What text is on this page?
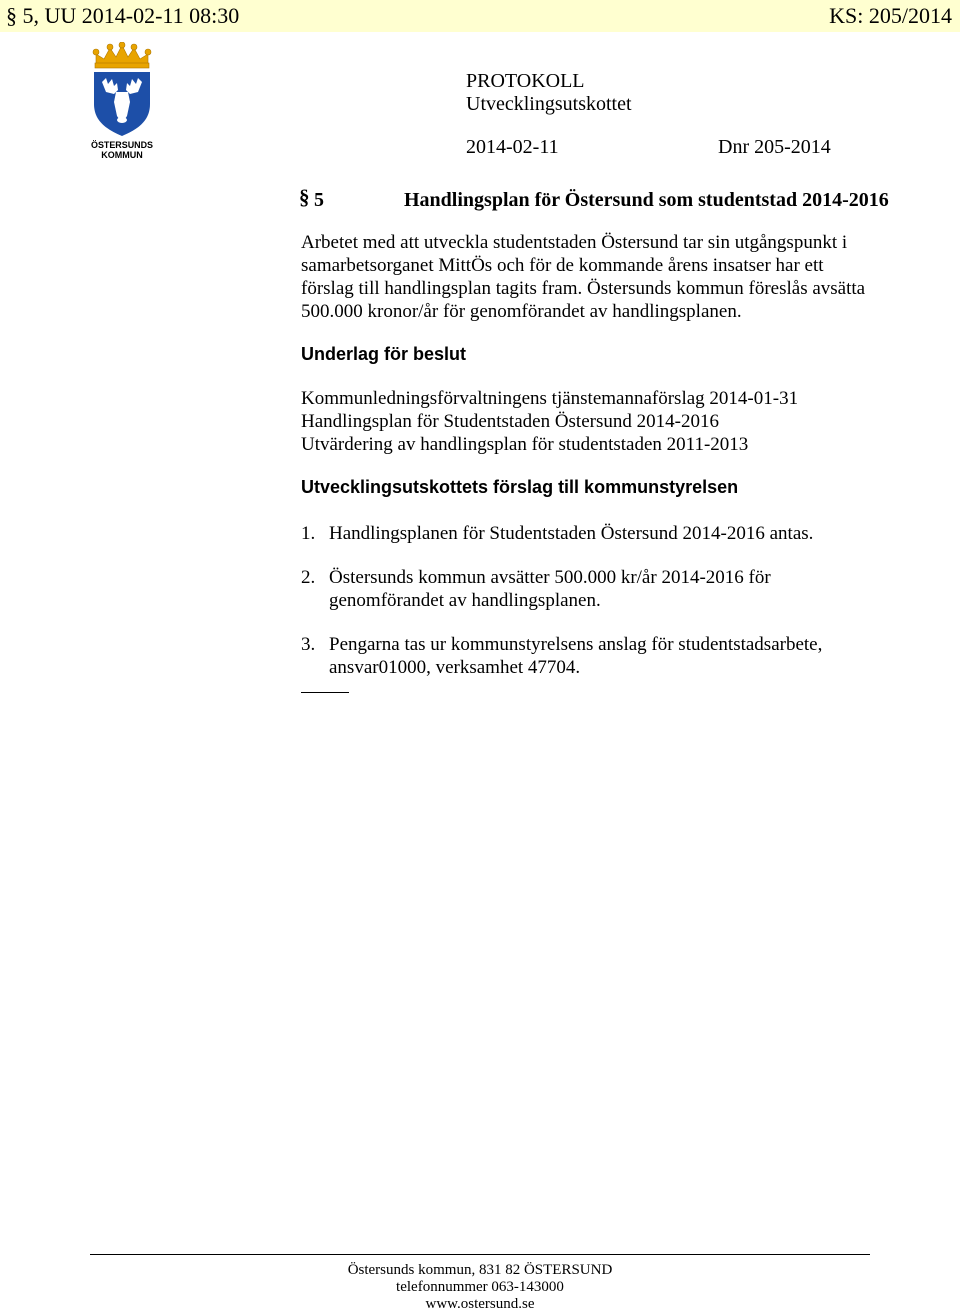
§ 5, UU 2014-02-11 08:30	KS: 205/2014
ÖSTERSUNDS
KOMMUN
PROTOKOLL
Utvecklingsutskottet
2014-02-11	Dnr 205-2014
§ 5	Handlingsplan för Östersund som studentstad 2014-2016
Arbetet med att utveckla studentstaden Östersund tar sin utgångspunkt i
samarbetsorganet MittÖs och för de kommande årens insatser har ett
förslag till handlingsplan tagits fram. Östersunds kommun föreslås avsätta
500.000 kronor/år för genomförandet av handlingsplanen.
Underlag för beslut
Kommunledningsförvaltningens tjänstemannaförslag 2014-01-31
Handlingsplan för Studentstaden Östersund 2014-2016
Utvärdering av handlingsplan för studentstaden 2011-2013
Utvecklingsutskottets förslag till kommunstyrelsen
1. Handlingsplanen för Studentstaden Östersund 2014-2016 antas.
2. Östersunds kommun avsätter 500.000 kr/år 2014-2016 för
genomförandet av handlingsplanen.
3. Pengarna tas ur kommunstyrelsens anslag för studentstadsarbete,
ansvar01000, verksamhet 47704.
Östersunds kommun, 831 82 ÖSTERSUND
telefonnummer 063-143000
www.ostersund.se
